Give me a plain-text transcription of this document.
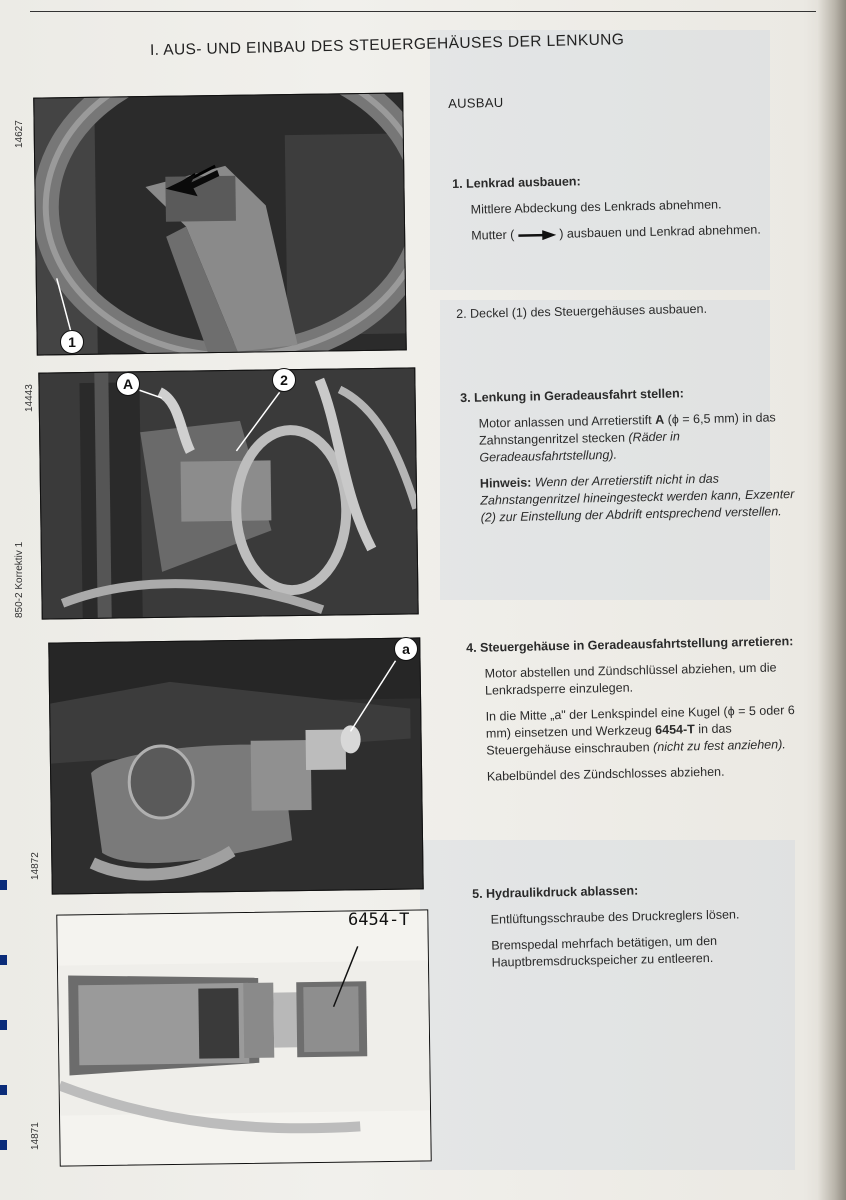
I. AUS- UND EINBAU DES STEUERGEHÄUSES DER LENKUNG
14627
14443
850-2 Korrektiv 1
14872
14871
1
A	2
a
6454-T
AUSBAU

1. Lenkrad ausbauen:

Mittlere Abdeckung des Lenkrads abnehmen.

Mutter (	) ausbauen und Lenkrad abnehmen.

2. Deckel (1) des Steuergehäuses ausbauen.

3. Lenkung in Geradeausfahrt stellen:

Motor anlassen und Arretierstift A (ϕ = 6,5 mm) in das Zahnstangenritzel stecken (Räder in Geradeausfahrtstellung).

Hinweis: Wenn der Arretierstift nicht in das Zahnstangenritzel hineingesteckt werden kann, Exzenter (2) zur Einstellung der Abdrift entsprechend verstellen.

4. Steuergehäuse in Geradeausfahrtstellung arretieren:

Motor abstellen und Zündschlüssel abziehen, um die Lenkradsperre einzulegen.

In die Mitte „a" der Lenkspindel eine Kugel (ϕ = 5 oder 6 mm) einsetzen und Werkzeug 6454-T in das Steuergehäuse einschrauben (nicht zu fest anziehen).

Kabelbündel des Zündschlosses abziehen.

5. Hydraulikdruck ablassen:

Entlüftungsschraube des Druckreglers lösen.

Bremspedal mehrfach betätigen, um den Hauptbremsdruckspeicher zu entleeren.
